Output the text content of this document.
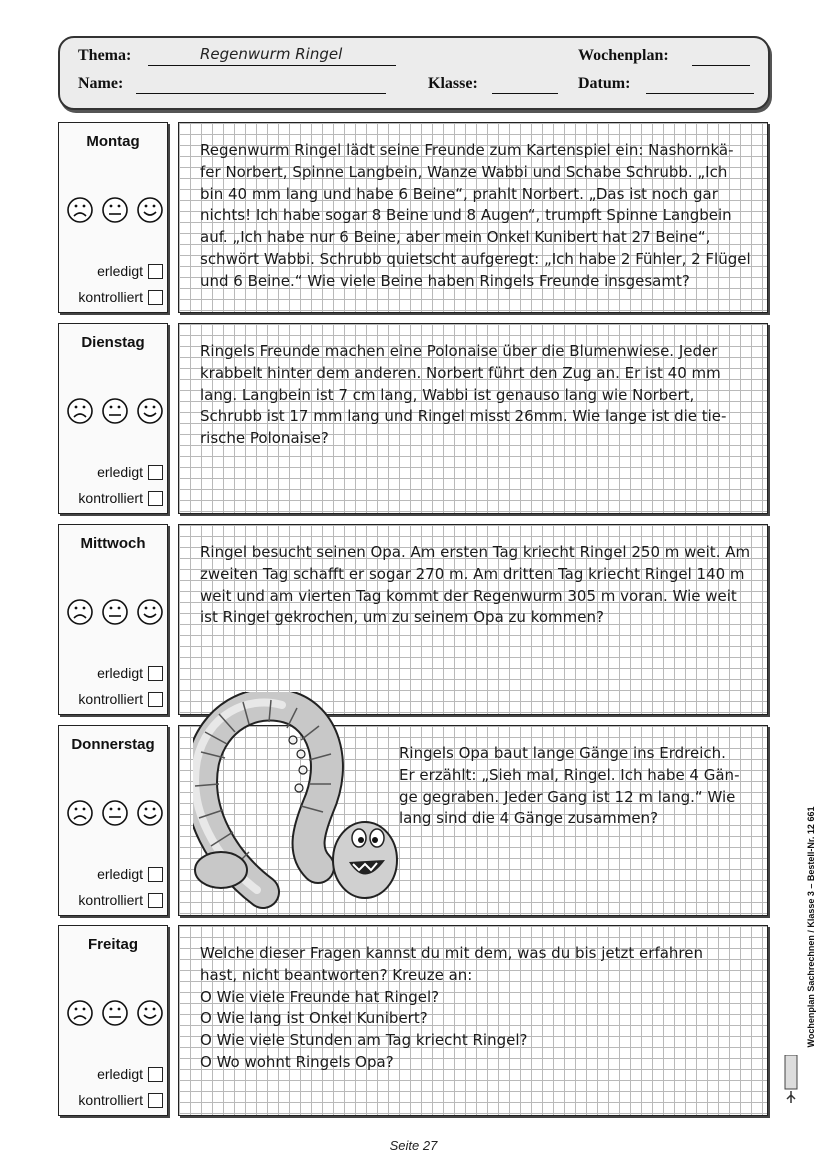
Thema:	Regenwurm Ringel	Wochenplan:
Name:	Klasse:	Datum:
Montag
erledigt
kontrolliert

Regenwurm Ringel lädt seine Freunde zum Kartenspiel ein: Nashornkä-
fer Norbert, Spinne Langbein, Wanze Wabbi und Schabe Schrubb. „Ich
bin 40 mm lang und habe 6 Beine“, prahlt Norbert. „Das ist noch gar
nichts! Ich habe sogar 8 Beine und 8 Augen“, trumpft Spinne Langbein
auf. „Ich habe nur 6 Beine, aber mein Onkel Kunibert hat 27 Beine“,
schwört Wabbi. Schrubb quietscht aufgeregt: „Ich habe 2 Fühler, 2 Flügel
und 6 Beine.“ Wie viele Beine haben Ringels Freunde insgesamt?

Dienstag
erledigt
kontrolliert

Ringels Freunde machen eine Polonaise über die Blumenwiese. Jeder
krabbelt hinter dem anderen. Norbert führt den Zug an. Er ist 40 mm
lang. Langbein ist 7 cm lang, Wabbi ist genauso lang wie Norbert,
Schrubb ist 17 mm lang und Ringel misst 26mm. Wie lange ist die tie-
rische Polonaise?

Mittwoch
erledigt
kontrolliert

Ringel besucht seinen Opa. Am ersten Tag kriecht Ringel 250 m weit. Am
zweiten Tag schafft er sogar 270 m. Am dritten Tag kriecht Ringel 140 m
weit und am vierten Tag kommt der Regenwurm 305 m voran. Wie weit
ist Ringel gekrochen, um zu seinem Opa zu kommen?

Donnerstag
erledigt
kontrolliert

Ringels Opa baut lange Gänge ins Erdreich.
Er erzählt: „Sieh mal, Ringel. Ich habe 4 Gän-
ge gegraben. Jeder Gang ist 12 m lang.“ Wie
lang sind die 4 Gänge zusammen?

Freitag
erledigt
kontrolliert

Welche dieser Fragen kannst du mit dem, was du bis jetzt erfahren
hast, nicht beantworten? Kreuze an:
O Wie viele Freunde hat Ringel?
O Wie lang ist Onkel Kunibert?
O Wie viele Stunden am Tag kriecht Ringel?
O Wo wohnt Ringels Opa?

Wochenplan Sachrechnen / Klasse 3 – Bestell-Nr. 12 661
Seite 27
